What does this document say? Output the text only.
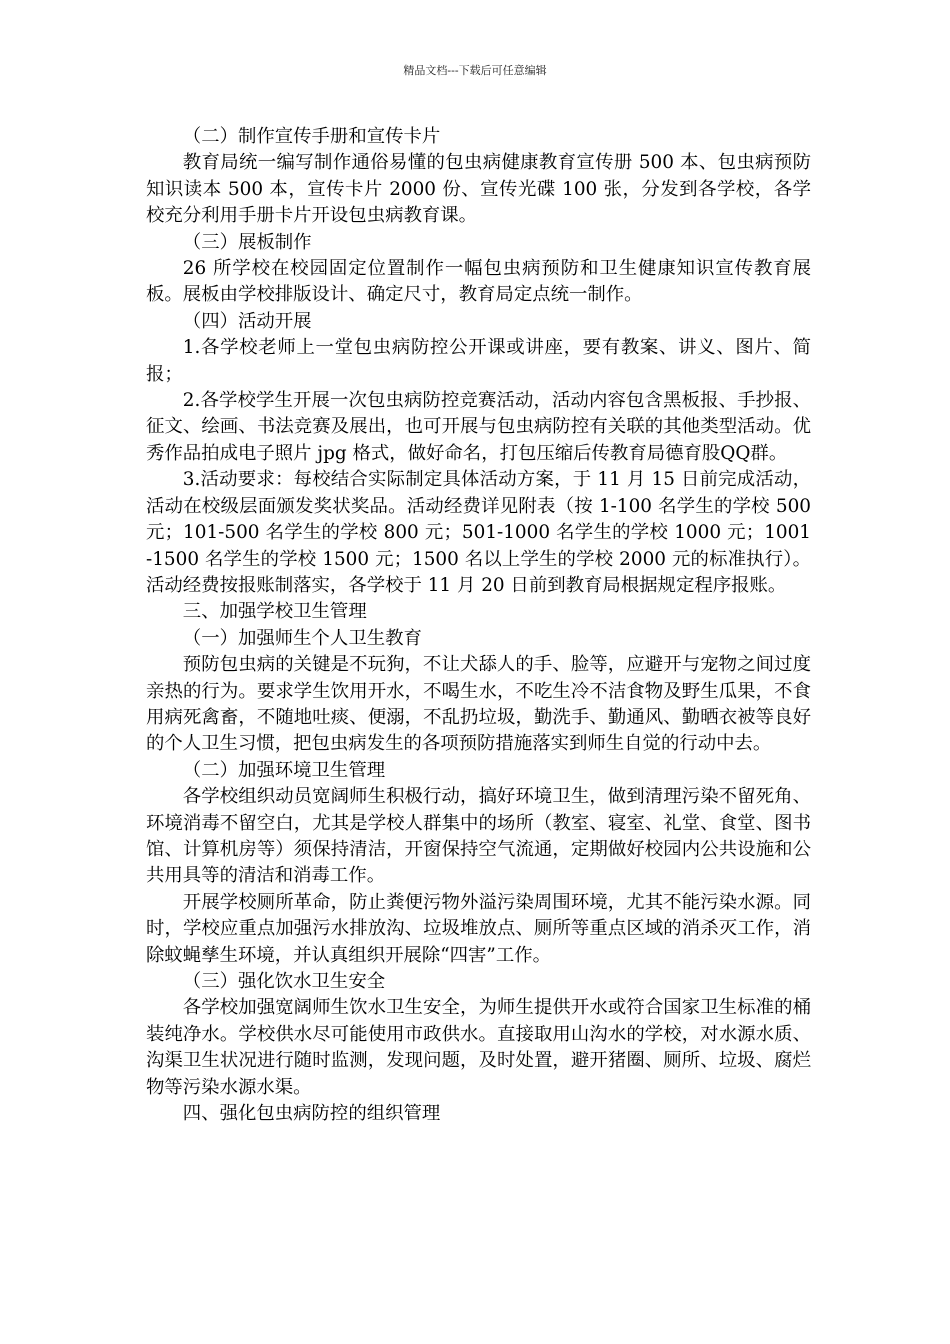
精品文档---下载后可任意编辑

（二）制作宣传手册和宣传卡片

教育局统一编写制作通俗易懂的包虫病健康教育宣传册 500 本、包虫病预防知识读本 500 本，宣传卡片 2000 份、宣传光碟 100 张，分发到各学校，各学校充分利用手册卡片开设包虫病教育课。

（三）展板制作

26 所学校在校园固定位置制作一幅包虫病预防和卫生健康知识宣传教育展板。展板由学校排版设计、确定尺寸，教育局定点统一制作。

（四）活动开展

1.各学校老师上一堂包虫病防控公开课或讲座，要有教案、讲义、图片、简报；

2.各学校学生开展一次包虫病防控竞赛活动，活动内容包含黑板报、手抄报、征文、绘画、书法竞赛及展出，也可开展与包虫病防控有关联的其他类型活动。优秀作品拍成电子照片 jpg 格式，做好命名，打包压缩后传教育局德育股QQ群。

3.活动要求：每校结合实际制定具体活动方案，于 11 月 15 日前完成活动，活动在校级层面颁发奖状奖品。活动经费详见附表（按 1-100 名学生的学校 500 元；101-500 名学生的学校 800 元；501-1000 名学生的学校 1000 元；1001-1500 名学生的学校 1500 元；1500 名以上学生的学校 2000 元的标准执行）。活动经费按报账制落实，各学校于 11 月 20 日前到教育局根据规定程序报账。

三、加强学校卫生管理

（一）加强师生个人卫生教育

预防包虫病的关键是不玩狗，不让犬舔人的手、脸等，应避开与宠物之间过度亲热的行为。要求学生饮用开水，不喝生水，不吃生冷不洁食物及野生瓜果，不食用病死禽畜，不随地吐痰、便溺，不乱扔垃圾，勤洗手、勤通风、勤晒衣被等良好的个人卫生习惯，把包虫病发生的各项预防措施落实到师生自觉的行动中去。

（二）加强环境卫生管理

各学校组织动员宽阔师生积极行动，搞好环境卫生，做到清理污染不留死角、环境消毒不留空白，尤其是学校人群集中的场所（教室、寝室、礼堂、食堂、图书馆、计算机房等）须保持清洁，开窗保持空气流通，定期做好校园内公共设施和公共用具等的清洁和消毒工作。

开展学校厕所革命，防止粪便污物外溢污染周围环境，尤其不能污染水源。同时，学校应重点加强污水排放沟、垃圾堆放点、厕所等重点区域的消杀灭工作，消除蚊蝇孳生环境，并认真组织开展除“四害”工作。

（三）强化饮水卫生安全

各学校加强宽阔师生饮水卫生安全，为师生提供开水或符合国家卫生标准的桶装纯净水。学校供水尽可能使用市政供水。直接取用山沟水的学校，对水源水质、沟渠卫生状况进行随时监测，发现问题，及时处置，避开猪圈、厕所、垃圾、腐烂物等污染水源水渠。

四、强化包虫病防控的组织管理
